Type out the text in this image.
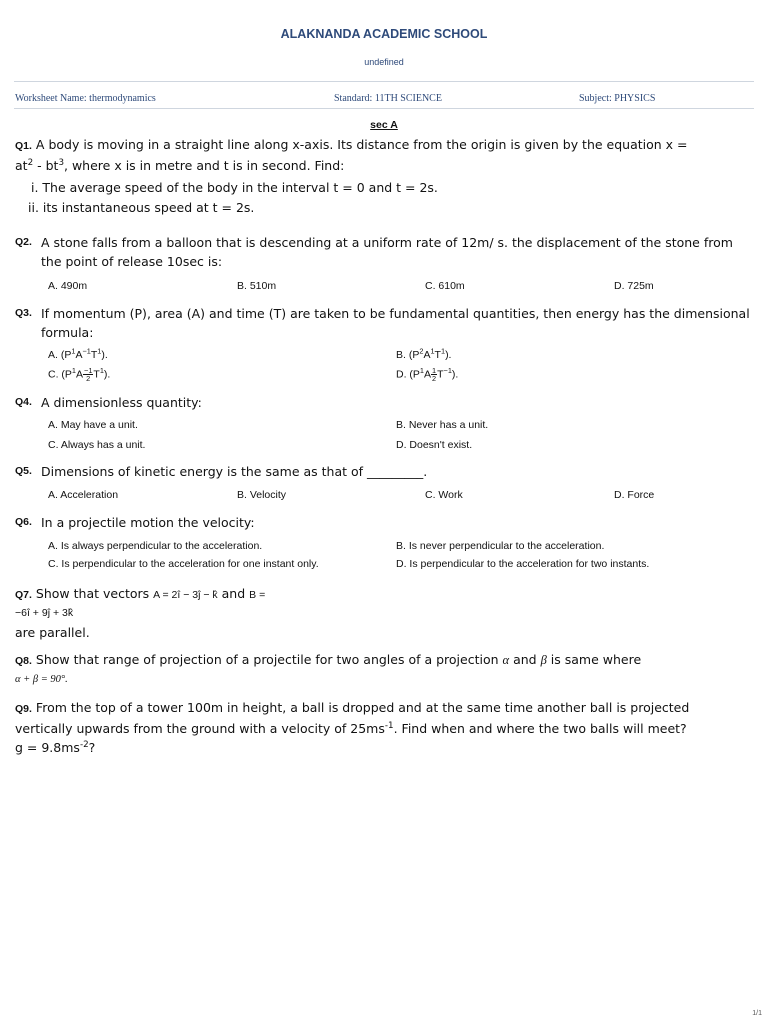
ALAKNANDA ACADEMIC SCHOOL
undefined
Worksheet Name: thermodynamics	Standard: 11TH SCIENCE	Subject: PHYSICS
sec A
Q1. A body is moving in a straight line along x-axis. Its distance from the origin is given by the equation x =
$at^2 - bt^3$, where x is in metre and t is in second. Find:
i. The average speed of the body in the interval t = 0 and t = 2s.
ii. its instantaneous speed at t = 2s.
Q2. A stone falls from a balloon that is descending at a uniform rate of 12m/ s. the displacement of the stone from the point of release 10sec is:
A. 490m	B. 510m	C. 610m	D. 725m
Q3. If momentum (P), area (A) and time (T) are taken to be fundamental quantities, then energy has the dimensional formula:
A. $(P^1A^{-1}T^1)$.	B. $(P^2A^1T^1)$.
C. $(P^1A \frac{-1}{2} T^1)$.	D. $(P^1A \frac{1}{2} T^{-1})$.
Q4. A dimensionless quantity:
A. May have a unit.	B. Never has a unit.
C. Always has a unit.	D. Doesn't exist.
Q5. Dimensions of kinetic energy is the same as that of _________.
A. Acceleration	B. Velocity	C. Work	D. Force
Q6. In a projectile motion the velocity:
A. Is always perpendicular to the acceleration.	B. Is never perpendicular to the acceleration.
C. Is perpendicular to the acceleration for one instant only.	D. Is perpendicular to the acceleration for two instants.
Q7. Show that vectors A = 2î − 3ĵ − k̂ and B =
−6î + 9ĵ + 3k̂
are parallel.
Q8. Show that range of projection of a projectile for two angles of a projection α and β is same where
α + β = 90°.
Q9. From the top of a tower 100m in height, a ball is dropped and at the same time another ball is projected
vertically upwards from the ground with a velocity of $25ms^{-1}$. Find when and where the two balls will meet?
$g = 9.8ms^{-2}$?
1/1
